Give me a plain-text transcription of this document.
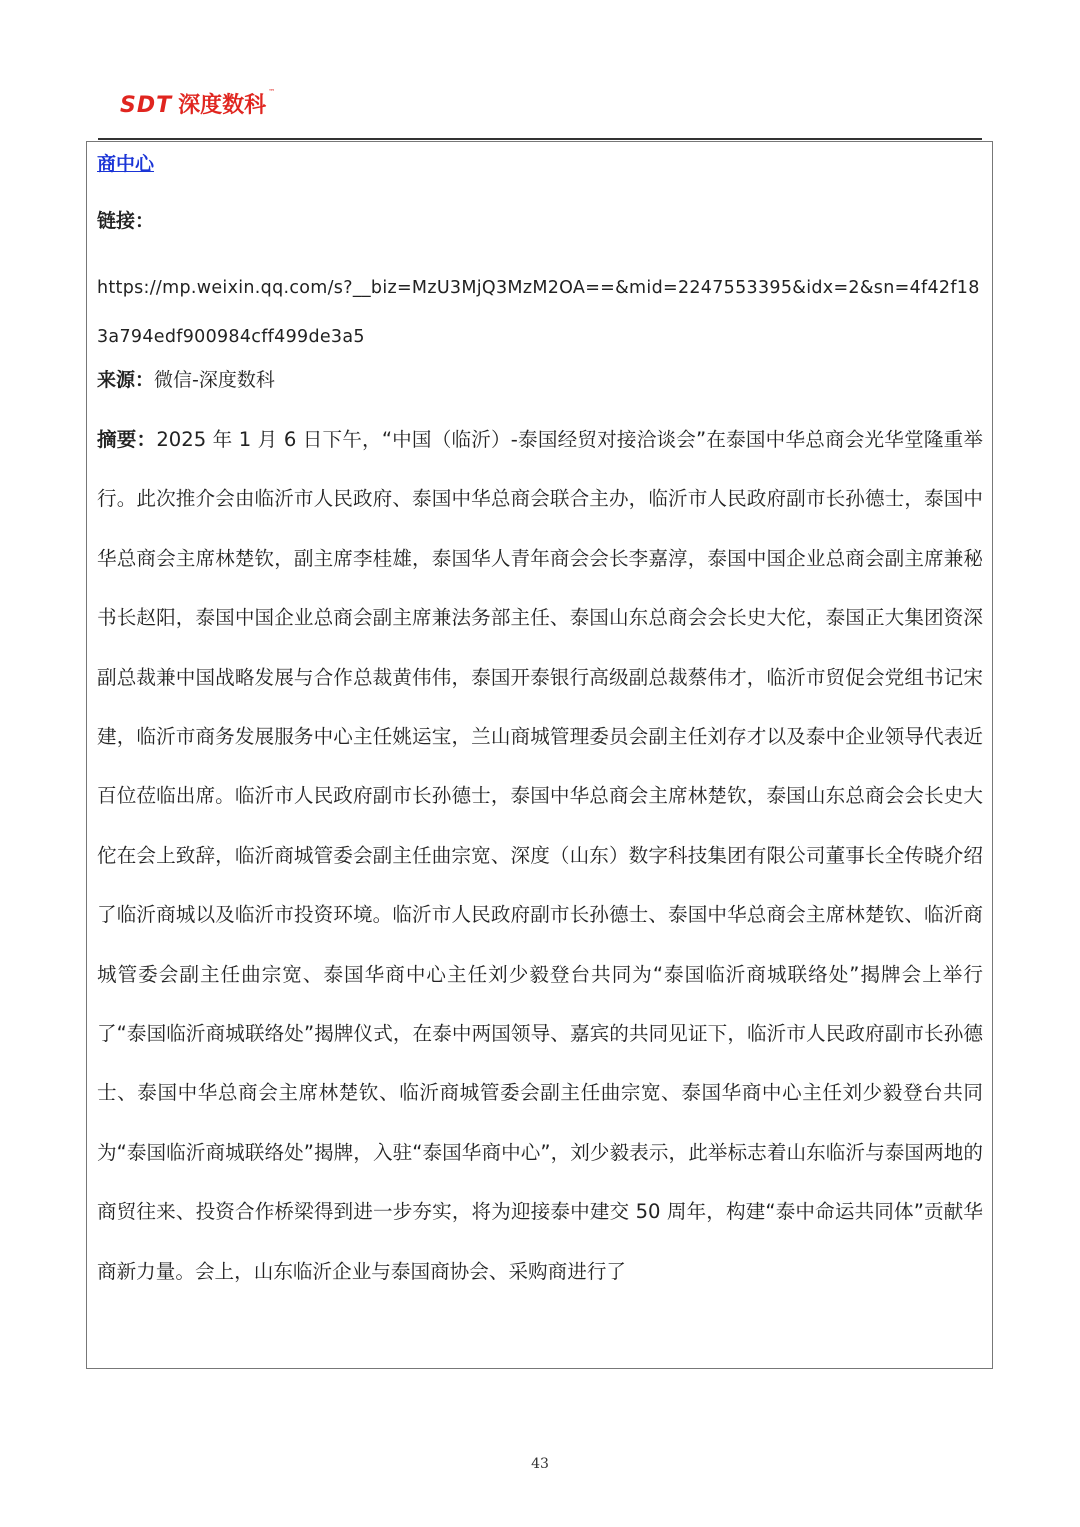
SDT 深度数科
™
商中心
链接：
https://mp.weixin.qq.com/s?__biz=MzU3MjQ3MzM2OA==&mid=2247553395&idx=2&sn=4f42f183a794edf900984cff499de3a5
来源：微信-深度数科
摘要：2025 年 1 月 6 日下午，“中国（临沂）-泰国经贸对接洽谈会”在泰国中华总商会光华堂隆重举行。此次推介会由临沂市人民政府、泰国中华总商会联合主办，临沂市人民政府副市长孙德士，泰国中华总商会主席林楚钦，副主席李桂雄，泰国华人青年商会会长李嘉淳，泰国中国企业总商会副主席兼秘书长赵阳，泰国中国企业总商会副主席兼法务部主任、泰国山东总商会会长史大佗，泰国正大集团资深副总裁兼中国战略发展与合作总裁黄伟伟，泰国开泰银行高级副总裁蔡伟才，临沂市贸促会党组书记宋建，临沂市商务发展服务中心主任姚运宝，兰山商城管理委员会副主任刘存才以及泰中企业领导代表近百位莅临出席。临沂市人民政府副市长孙德士，泰国中华总商会主席林楚钦，泰国山东总商会会长史大佗在会上致辞，临沂商城管委会副主任曲宗宽、深度（山东）数字科技集团有限公司董事长全传晓介绍了临沂商城以及临沂市投资环境。临沂市人民政府副市长孙德士、泰国中华总商会主席林楚钦、临沂商城管委会副主任曲宗宽、泰国华商中心主任刘少毅登台共同为“泰国临沂商城联络处”揭牌会上举行了“泰国临沂商城联络处”揭牌仪式，在泰中两国领导、嘉宾的共同见证下，临沂市人民政府副市长孙德士、泰国中华总商会主席林楚钦、临沂商城管委会副主任曲宗宽、泰国华商中心主任刘少毅登台共同为“泰国临沂商城联络处”揭牌，入驻“泰国华商中心”，刘少毅表示，此举标志着山东临沂与泰国两地的商贸往来、投资合作桥梁得到进一步夯实，将为迎接泰中建交 50 周年，构建“泰中命运共同体”贡献华商新力量。会上，山东临沂企业与泰国商协会、采购商进行了
43
